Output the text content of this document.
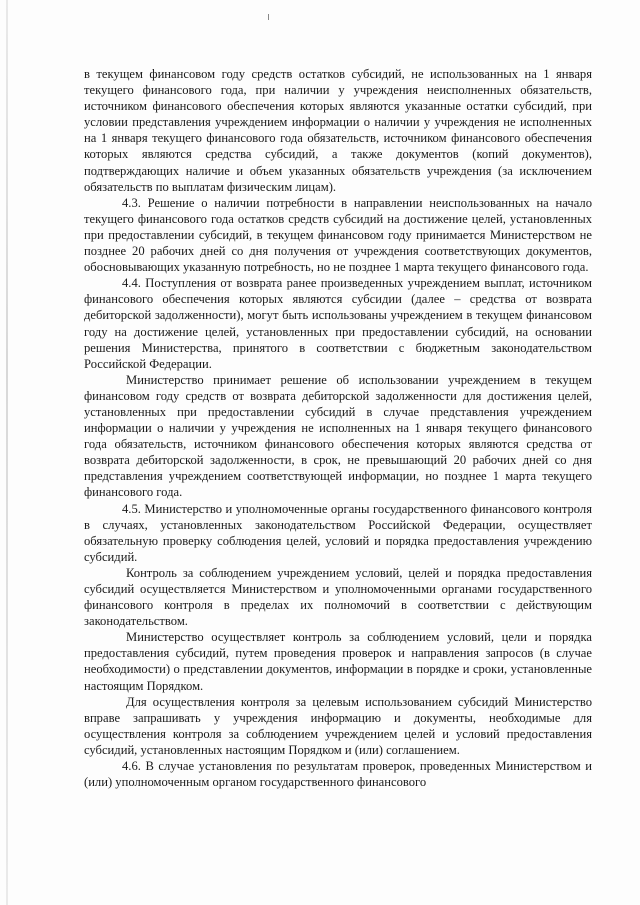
в текущем финансовом году средств остатков субсидий, не использованных на 1 января текущего финансового года, при наличии у учреждения неисполненных обязательств, источником финансового обеспечения которых являются указанные остатки субсидий, при условии представления учреждением информации о наличии у учреждения не исполненных на 1 января текущего финансового года обязательств, источником финансового обеспечения которых являются средства субсидий, а также документов (копий документов), подтверждающих наличие и объем указанных обязательств учреждения (за исключением обязательств по выплатам физическим лицам).

4.3. Решение о наличии потребности в направлении неиспользованных на начало текущего финансового года остатков средств субсидий на достижение целей, установленных при предоставлении субсидий, в текущем финансовом году принимается Министерством не позднее 20 рабочих дней со дня получения от учреждения соответствующих документов, обосновывающих указанную потребность, но не позднее 1 марта текущего финансового года.

4.4. Поступления от возврата ранее произведенных учреждением выплат, источником финансового обеспечения которых являются субсидии (далее – средства от возврата дебиторской задолженности), могут быть использованы учреждением в текущем финансовом году на достижение целей, установленных при предоставлении субсидий, на основании решения Министерства, принятого в соответствии с бюджетным законодательством Российской Федерации.

Министерство принимает решение об использовании учреждением в текущем финансовом году средств от возврата дебиторской задолженности для достижения целей, установленных при предоставлении субсидий в случае представления учреждением информации о наличии у учреждения не исполненных на 1 января текущего финансового года обязательств, источником финансового обеспечения которых являются средства от возврата дебиторской задолженности, в срок, не превышающий 20 рабочих дней со дня представления учреждением соответствующей информации, но позднее 1 марта текущего финансового года.

4.5. Министерство и уполномоченные органы государственного финансового контроля в случаях, установленных законодательством Российской Федерации, осуществляет обязательную проверку соблюдения целей, условий и порядка предоставления учреждению субсидий.

Контроль за соблюдением учреждением условий, целей и порядка предоставления субсидий осуществляется Министерством и уполномоченными органами государственного финансового контроля в пределах их полномочий в соответствии с действующим законодательством.

Министерство осуществляет контроль за соблюдением условий, цели и порядка предоставления субсидий, путем проведения проверок и направления запросов (в случае необходимости) о представлении документов, информации в порядке и сроки, установленные настоящим Порядком.

Для осуществления контроля за целевым использованием субсидий Министерство вправе запрашивать у учреждения информацию и документы, необходимые для осуществления контроля за соблюдением учреждением целей и условий предоставления субсидий, установленных настоящим Порядком и (или) соглашением.

4.6. В случае установления по результатам проверок, проведенных Министерством и (или) уполномоченным органом государственного финансового
